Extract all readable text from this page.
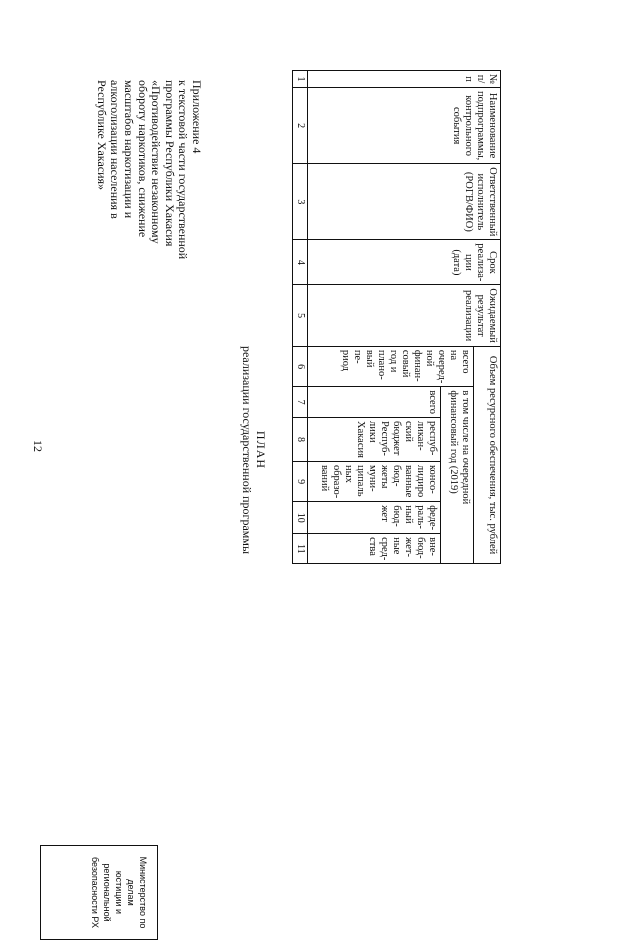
12
Приложение 4
к текстовой части государственной
программы Республики Хакасия
«Противодействие незаконному
обороту наркотиков, снижение
масштабов наркотизации и
алкоголизации населения в
Республике Хакасия»
ПЛАН
реализации государственной программы
№ п/п	Наименование подпрограммы, контрольного события	Ответственный исполнитель (РОГВ/ФИО)	Срок реализа-ции (дата)	Ожидаемый результат реализации	Объем ресурсного обеспечения, тыс. рублей					
					всего на очеред-ной финан-совый год и плано-вый пе-риод	в том числе на очередной финансовый год (2019)				
						всего	респуб-ликан-ский бюджет Респуб-лики Хакасия	консо-лидиро ванные бюд-жеты муни-ципаль ных образо-ваний	феде-раль-ный бюд-жет	вне-бюд-жет-ные сред-ства
1	2	3	4	5	6	7	8	9	10	11
Министерство по делам
юстиции и региональной
безопасности РХ
